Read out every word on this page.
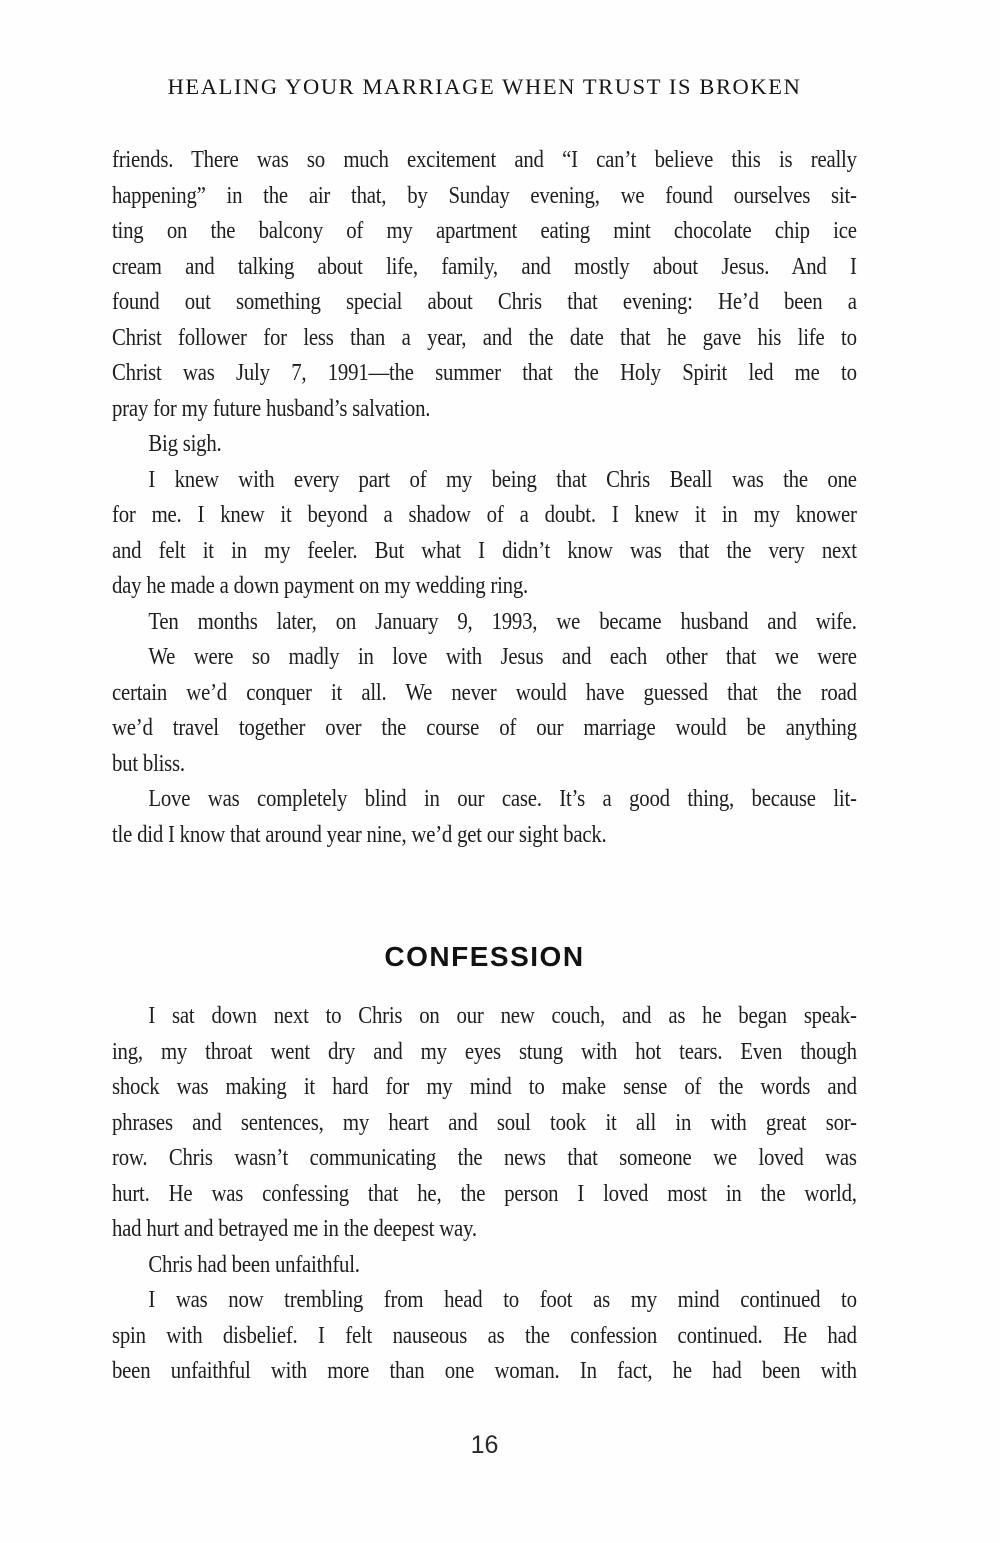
HEALING YOUR MARRIAGE WHEN TRUST IS BROKEN
friends. There was so much excitement and “I can’t believe this is really
happening” in the air that, by Sunday evening, we found ourselves sit-
ting on the balcony of my apartment eating mint chocolate chip ice
cream and talking about life, family, and mostly about Jesus. And I
found out something special about Chris that evening: He’d been a
Christ follower for less than a year, and the date that he gave his life to
Christ was July 7, 1991—the summer that the Holy Spirit led me to
pray for my future husband’s salvation.
Big sigh.
I knew with every part of my being that Chris Beall was the one
for me. I knew it beyond a shadow of a doubt. I knew it in my knower
and felt it in my feeler. But what I didn’t know was that the very next
day he made a down payment on my wedding ring.
Ten months later, on January 9, 1993, we became husband and wife.
We were so madly in love with Jesus and each other that we were
certain we’d conquer it all. We never would have guessed that the road
we’d travel together over the course of our marriage would be anything
but bliss.
Love was completely blind in our case. It’s a good thing, because lit-
tle did I know that around year nine, we’d get our sight back.
CONFESSION
I sat down next to Chris on our new couch, and as he began speak-
ing, my throat went dry and my eyes stung with hot tears. Even though
shock was making it hard for my mind to make sense of the words and
phrases and sentences, my heart and soul took it all in with great sor-
row. Chris wasn’t communicating the news that someone we loved was
hurt. He was confessing that he, the person I loved most in the world,
had hurt and betrayed me in the deepest way.
Chris had been unfaithful.
I was now trembling from head to foot as my mind continued to
spin with disbelief. I felt nauseous as the confession continued. He had
been unfaithful with more than one woman. In fact, he had been with
16
